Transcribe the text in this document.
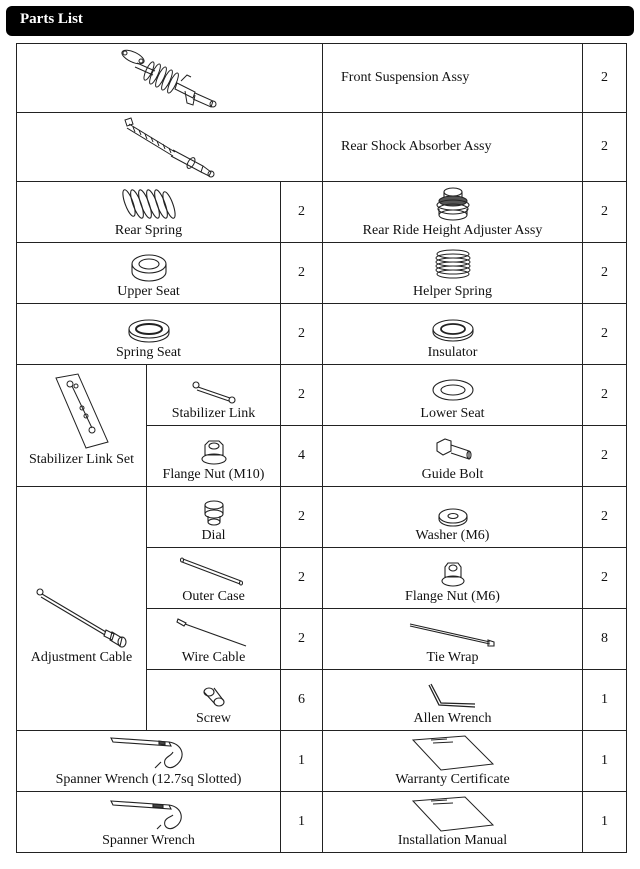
Parts List
	Front Suspension Assy	2

	Rear Shock Absorber Assy	2

Rear Spring		2	Rear Ride Height Adjuster Assy	2

Upper Seat		2	Helper Spring	2

Spring Seat		2	Insulator	2

Stabilizer Link Set	Stabilizer Link	2	Lower Seat	2

	Flange Nut (M10)	4	Guide Bolt	2

Adjustment Cable	Dial	2	Washer (M6)	2

	Outer Case	2	Flange Nut (M6)	2

	Wire Cable	2	Tie Wrap	8

	Screw	6	Allen Wrench	1

Spanner Wrench (12.7sq Slotted)		1	Warranty Certificate	1

Spanner Wrench		1	Installation Manual	1
